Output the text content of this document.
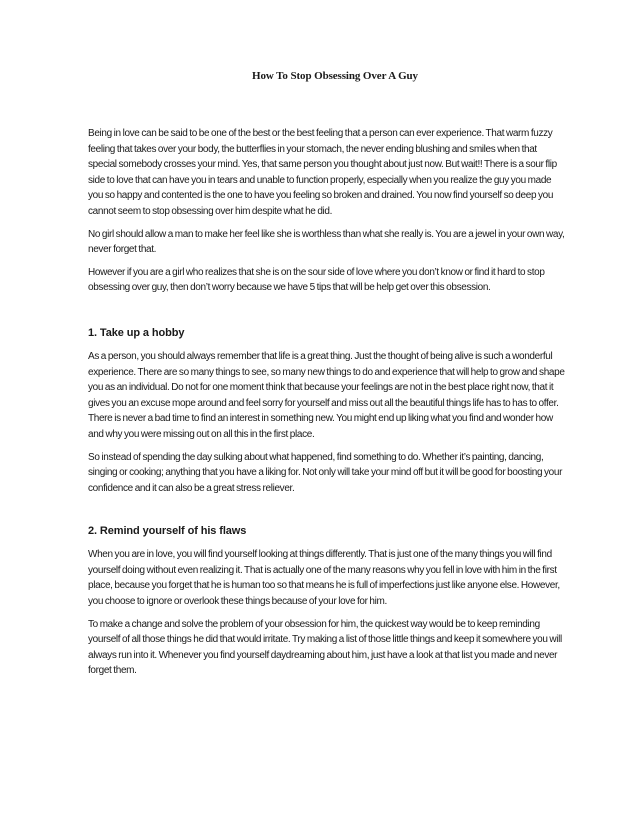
How To Stop Obsessing Over A Guy

Being in love can be said to be one of the best or the best feeling that a person can ever experience. That warm fuzzy feeling that takes over your body, the butterflies in your stomach, the never ending blushing and smiles when that special somebody crosses your mind. Yes, that same person you thought about just now. But wait!! There is a sour flip side to love that can have you in tears and unable to function properly, especially when you realize the guy you made you so happy and contented is the one to have you feeling so broken and drained. You now find yourself so deep you cannot seem to stop obsessing over him despite what he did.

No girl should allow a man to make her feel like she is worthless than what she really is. You are a jewel in your own way, never forget that.

However if you are a girl who realizes that she is on the sour side of love where you don’t know or find it hard to stop obsessing over guy, then don’t worry because we have 5 tips that will be help get over this obsession.

1. Take up a hobby

As a person, you should always remember that life is a great thing. Just the thought of being alive is such a wonderful experience. There are so many things to see, so many new things to do and experience that will help to grow and shape you as an individual. Do not for one moment think that because your feelings are not in the best place right now, that it gives you an excuse mope around and feel sorry for yourself and miss out all the beautiful things life has to has to offer. There is never a bad time to find an interest in something new. You might end up liking what you find and wonder how and why you were missing out on all this in the first place.

So instead of spending the day sulking about what happened, find something to do. Whether it’s painting, dancing, singing or cooking; anything that you have a liking for. Not only will take your mind off but it will be good for boosting your confidence and it can also be a great stress reliever.

2. Remind yourself of his flaws

When you are in love, you will find yourself looking at things differently. That is just one of the many things you will find yourself doing without even realizing it. That is actually one of the many reasons why you fell in love with him in the first place, because you forget that he is human too so that means he is full of imperfections just like anyone else. However, you choose to ignore or overlook these things because of your love for him.

To make a change and solve the problem of your obsession for him, the quickest way would be to keep reminding yourself of all those things he did that would irritate. Try making a list of those little things and keep it somewhere you will always run into it. Whenever you find yourself daydreaming about him, just have a look at that list you made and never forget them.
